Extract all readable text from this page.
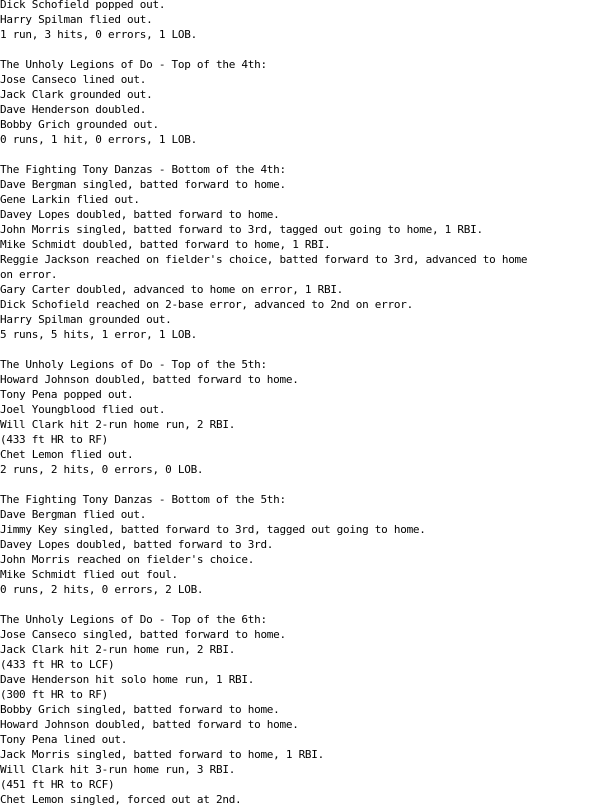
Dick Schofield popped out.
Harry Spilman flied out.
1 run, 3 hits, 0 errors, 1 LOB.
The Unholy Legions of Do - Top of the 4th:
Jose Canseco lined out.
Jack Clark grounded out.
Dave Henderson doubled.
Bobby Grich grounded out.
0 runs, 1 hit, 0 errors, 1 LOB.
The Fighting Tony Danzas - Bottom of the 4th:
Dave Bergman singled, batted forward to home.
Gene Larkin flied out.
Davey Lopes doubled, batted forward to home.
John Morris singled, batted forward to 3rd, tagged out going to home, 1 RBI.
Mike Schmidt doubled, batted forward to home, 1 RBI.
Reggie Jackson reached on fielder's choice, batted forward to 3rd, advanced to home
on error.
Gary Carter doubled, advanced to home on error, 1 RBI.
Dick Schofield reached on 2-base error, advanced to 2nd on error.
Harry Spilman grounded out.
5 runs, 5 hits, 1 error, 1 LOB.
The Unholy Legions of Do - Top of the 5th:
Howard Johnson doubled, batted forward to home.
Tony Pena popped out.
Joel Youngblood flied out.
Will Clark hit 2-run home run, 2 RBI.
(433 ft HR to RF)
Chet Lemon flied out.
2 runs, 2 hits, 0 errors, 0 LOB.
The Fighting Tony Danzas - Bottom of the 5th:
Dave Bergman flied out.
Jimmy Key singled, batted forward to 3rd, tagged out going to home.
Davey Lopes doubled, batted forward to 3rd.
John Morris reached on fielder's choice.
Mike Schmidt flied out foul.
0 runs, 2 hits, 0 errors, 2 LOB.
The Unholy Legions of Do - Top of the 6th:
Jose Canseco singled, batted forward to home.
Jack Clark hit 2-run home run, 2 RBI.
(433 ft HR to LCF)
Dave Henderson hit solo home run, 1 RBI.
(300 ft HR to RF)
Bobby Grich singled, batted forward to home.
Howard Johnson doubled, batted forward to home.
Tony Pena lined out.
Jack Morris singled, batted forward to home, 1 RBI.
Will Clark hit 3-run home run, 3 RBI.
(451 ft HR to RCF)
Chet Lemon singled, forced out at 2nd.
